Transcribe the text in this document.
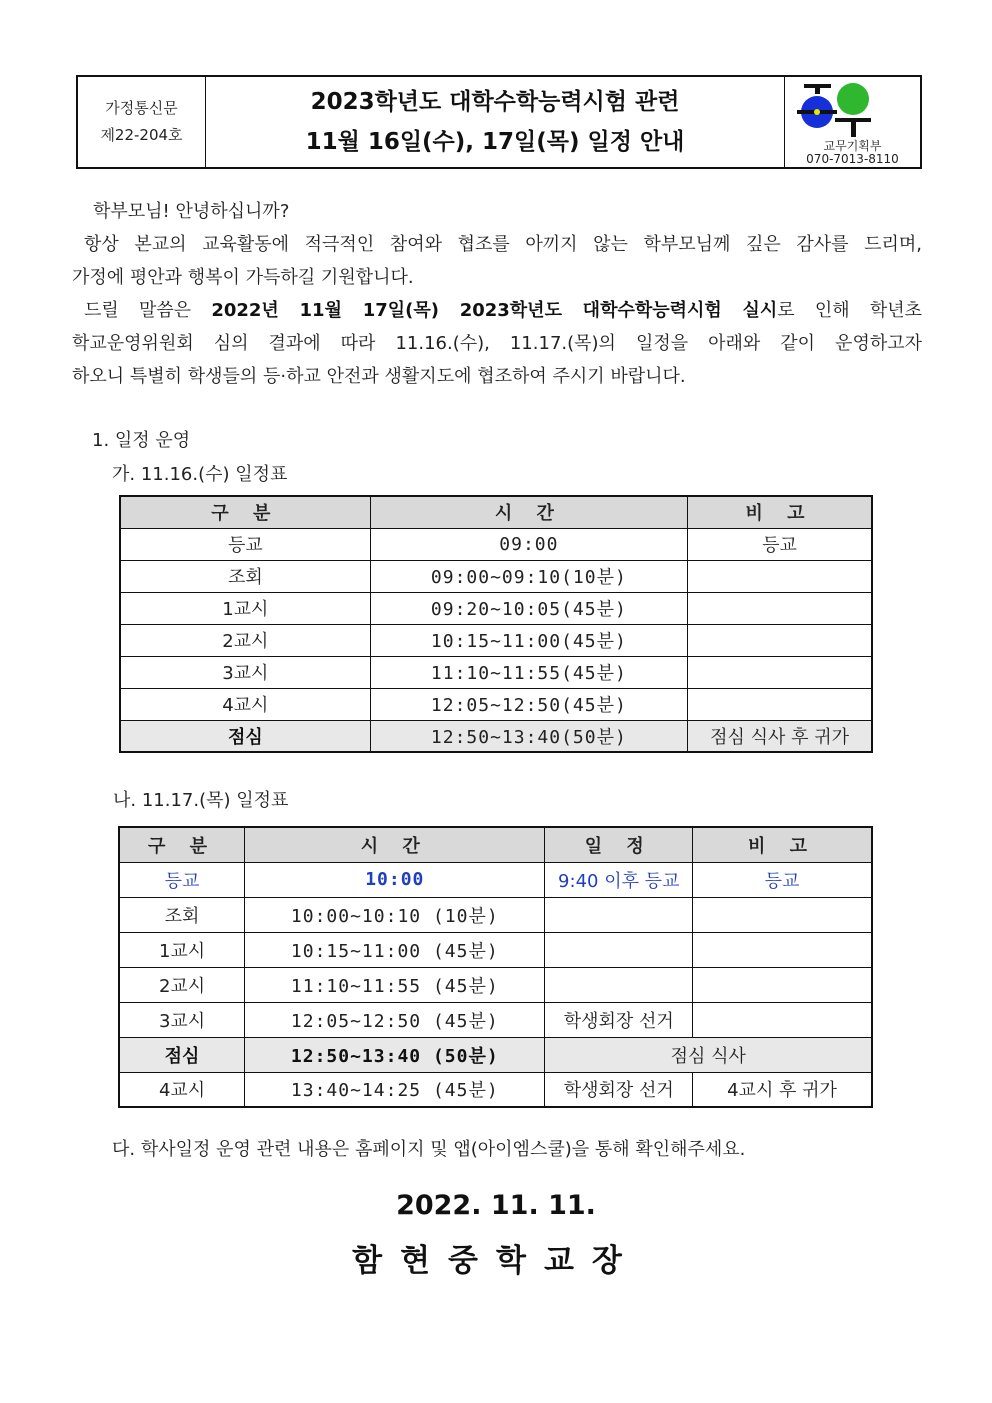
가정통신문
제22-204호
2023학년도 대학수학능력시험 관련
11월 16일(수), 17일(목) 일정 안내	교무기획부
070-7013-8110
학부모님! 안녕하십니까?
항상 본교의 교육활동에 적극적인 참여와 협조를 아끼지 않는 학부모님께 깊은 감사를 드리며,
가정에 평안과 행복이 가득하길 기원합니다.
드릴 말씀은 2022년 11월 17일(목) 2023학년도 대학수학능력시험 실시로 인해 학년초
학교운영위원회 심의 결과에 따라 11.16.(수), 11.17.(목)의 일정을 아래와 같이 운영하고자
하오니 특별히 학생들의 등·하교 안전과 생활지도에 협조하여 주시기 바랍니다.
1. 일정 운영
가. 11.16.(수) 일정표
구 분	시 간	비 고
등교	09:00	등교
조회	09:00~09:10(10분)	
1교시	09:20~10:05(45분)	
2교시	10:15~11:00(45분)	
3교시	11:10~11:55(45분)	
4교시	12:05~12:50(45분)	
점심	12:50~13:40(50분)	점심 식사 후 귀가
나. 11.17.(목) 일정표
구 분	시 간	일 정	비 고
등교	10:00	9:40 이후 등교	등교
조회	10:00~10:10 (10분)		
1교시	10:15~11:00 (45분)		
2교시	11:10~11:55 (45분)		
3교시	12:05~12:50 (45분)	학생회장 선거	
점심	12:50~13:40 (50분)	점심 식사	
4교시	13:40~14:25 (45분)	학생회장 선거	4교시 후 귀가
다. 학사일정 운영 관련 내용은 홈페이지 및 앱(아이엠스쿨)을 통해 확인해주세요.
2022. 11. 11.
함현중학교장
